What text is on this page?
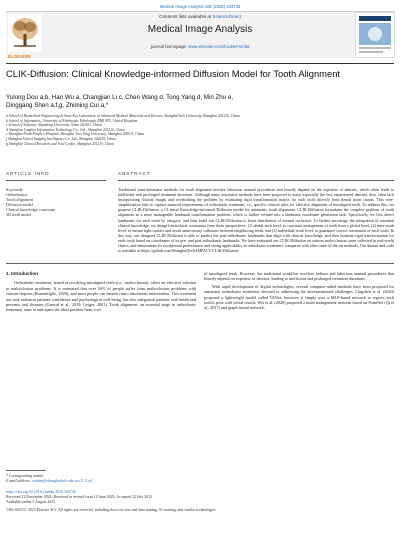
Medical Image Analysis 105 (2025) 103746
ELSEVIER
Contents lists available at ScienceDirect
Medical Image Analysis
journal homepage: www.elsevier.com/locate/media
CLIK-Diffusion: Clinical Knowledge-informed Diffusion Model for Tooth Alignment
Yulong Dou a,b, Han Wu a, Changjian Li c, Chen Wang d, Tong Yang d, Min Zhu e,
Dinggang Shen a,f,g, Zhiming Cui a,*
a School of Biomedical Engineering & State Key Laboratory of Advanced Medical Materials and Devices, ShanghaiTech University, Shanghai 201210, China
b School of Informatics, University of Edinburgh, Edinburgh, EH8 9YL, United Kingdom
c School of Software, Shandong University, Jinan 250101, China
d Shanghai Lingbao Information Technology Co., Ltd., Shanghai 201210, China
e Shanghai Ninth People's Hospital, Shanghai Jiao Tong University, Shanghai 200011, China
f Shanghai United Imaging Intelligence Co. Ltd., Shanghai 200230, China
g Shanghai Clinical Research and Trial Center, Shanghai 201210, China
ARTICLE INFO	ABSTRACT
Keywords:
Orthodontics
Tooth alignment
Diffusion model
Clinical knowledge constraint
3D teeth model
Traditional semi-automatic methods for tooth alignment involve laborious manual procedures and heavily depend on the expertise of dentists, which often leads to inefficient and prolonged treatment durations. Although many automatic methods have been proposed to assist especially the less experienced dentists, they often lack incorporating clinical insight and overlooking the problem by estimating rigid transformation matrix for each tooth directly from dental point clouds. This over-simplification fails to capture nuanced requirements of orthodontic treatment, i.e., specific clinical rules for effective alignment of misaligned teeth. To address this, we propose CLIK-Diffusion, a CLinical Knowledge-informed Diffusion model for automatic tooth alignment. CLIK-Diffusion formulates the complex problem of tooth alignment as a more manageable landmark transformation problem, which is further refined into a landmark coordinate generation task. Specifically, we first detect landmarks for each tooth by category, and then build our CLIK-Diffusion to learn distribution of normal occlusion. To further encourage the integration of essential clinical knowledge, we design hierarchical constraints from three perspectives: (1) dental-arch level: to constrain arrangement of teeth from a global level; (2) inter-tooth level: to ensure tight contact and avoid unnecessary collisions between neighboring teeth; and (3) individual-tooth level: to guarantee correct orientation of each tooth. In this way, our designed CLIK-Diffusion is able to predict the post-orthodontic landmarks that align with clinical knowledge, and then estimate rigid transformation for each tooth based on coordinates of its pre- and post-orthodontic landmarks. We have evaluated our CLIK-Diffusion on various malocclusion cases collected in real-world clinics, and demonstrate its exceptional performance and strong applicability in orthodontic treatment, compared with other state-of-the-art methods. Our dataset and code is available at https://github.com/ShanghaiTech-IMPACT/CLIK-Diffusion.
1. Introduction
Orthodontic treatment, aimed at rectifying misaligned teeth (i.e., malocclusion), offers an effective solution to malocclusion problems. It is estimated that over 56% of people suffer from malocclusion problems with various degrees (Bonomfiglio, 2020), and most people can benefit from orthodontic intervention. This treatment not only enhances patients' confidence and psychological well-being, but also safeguards patients' oral health and prevents oral diseases (Grewal et al., 2019; Geiger, 2001). Tooth alignment, an essential stage in orthodontic treatment, aims to anticipate the ideal position from a set
of misaligned teeth. However, the traditional workflow involves tedious and laborious manual procedures that heavily depend on expertise of dentists, leading to inefficient and prolonged treatment durations.
With rapid development of digital technologies, several computer-aided methods have been proposed for automatic orthodontic treatment, devoted to addressing the aforementioned challenges. Lingchen et al. (2020) proposed a lightweight model called TANet; however, it simply uses a MLP-based network to regress each tooth's pose with trivial results. Wei et al. (2020) proposed a tooth arrangement network based on PointNet (Qi et al., 2017) and graph neural network,
* Corresponding author.
E-mail address: cuizhm@shanghaitech.edu.cn (Z. Cui).
https://doi.org/10.1016/j.media.2025.103746
Received 12 November 2024; Received in revised form 14 June 2025; Accepted 22 July 2025
Available online 5 August 2025
1361-8415/© 2025 Elsevier B.V. All rights are reserved, including those for text and data mining, AI training, and similar technologies.
